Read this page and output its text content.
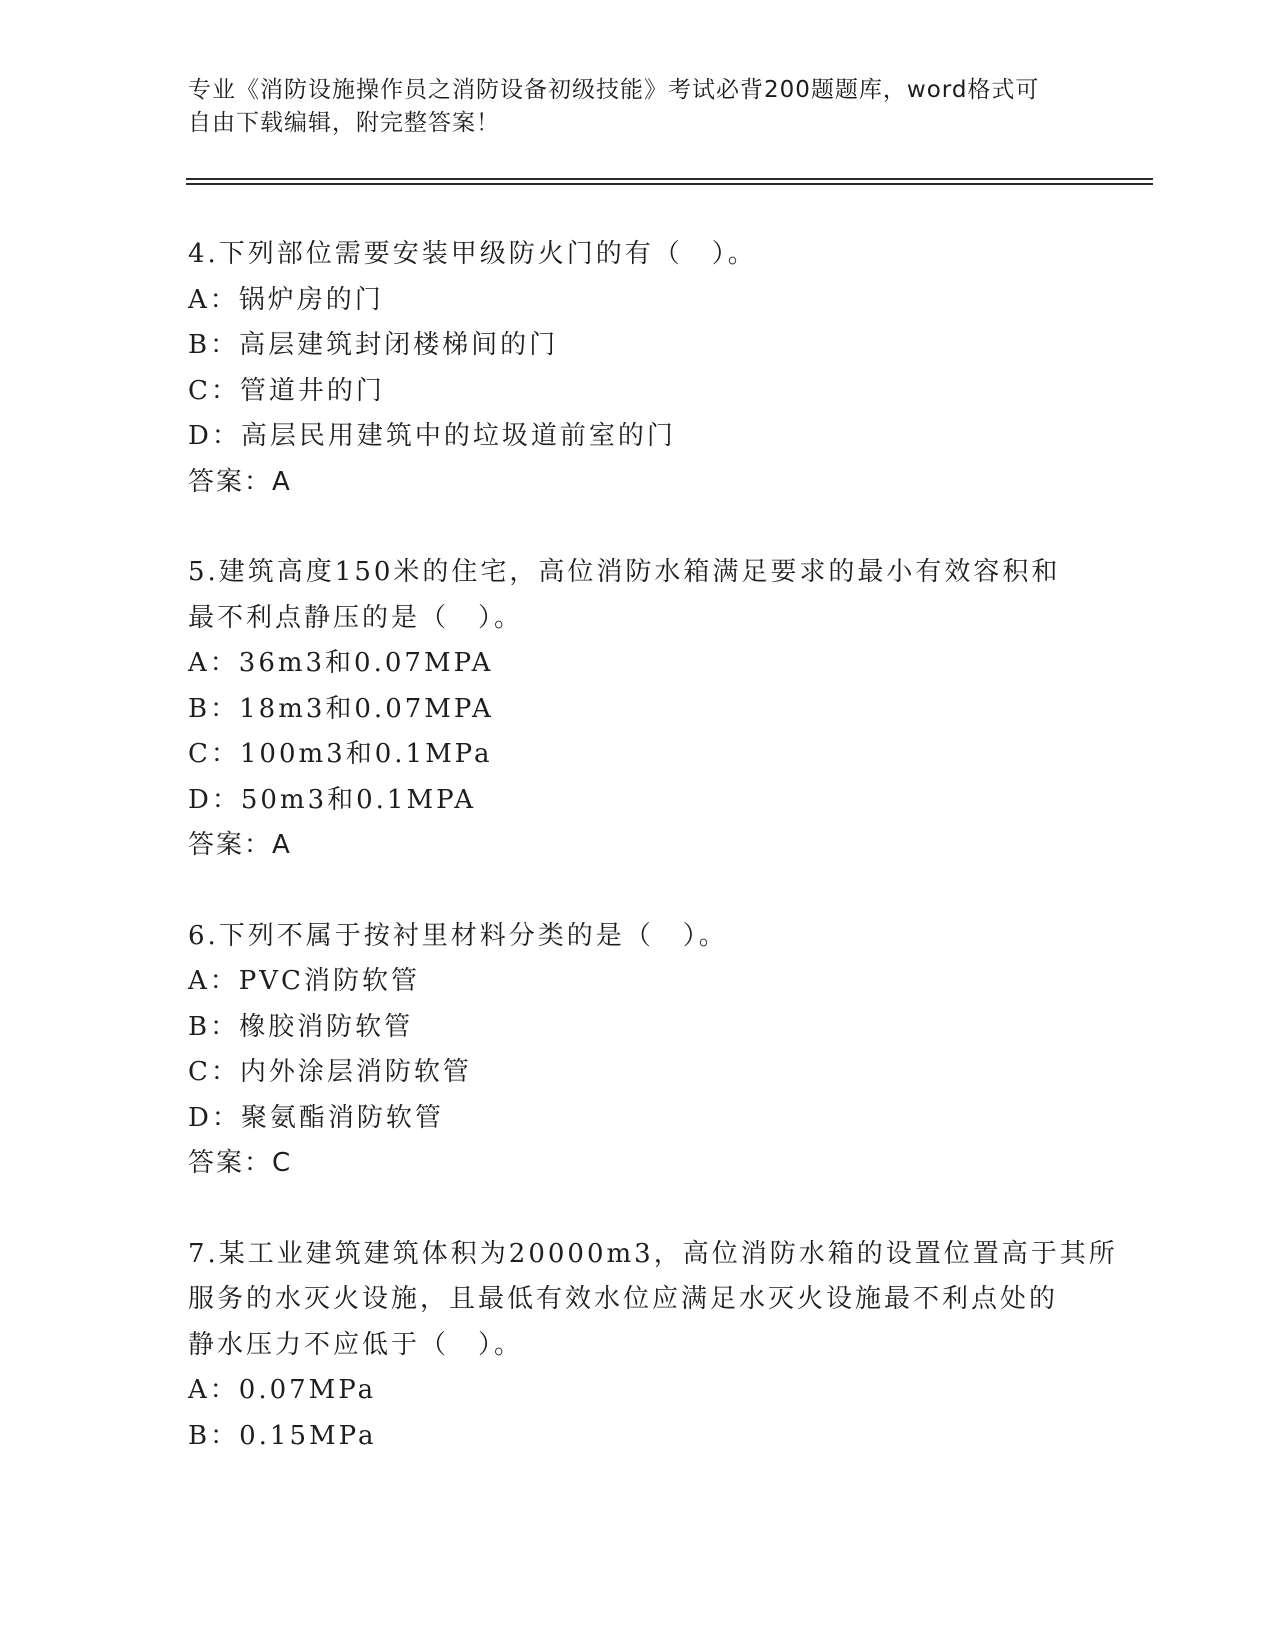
专业《消防设施操作员之消防设备初级技能》考试必背200题题库，word格式可
自由下载编辑，附完整答案！
4.下列部位需要安装甲级防火门的有（　）。
A：锅炉房的门
B：高层建筑封闭楼梯间的门
C：管道井的门
D：高层民用建筑中的垃圾道前室的门
答案：A
5.建筑高度150米的住宅，高位消防水箱满足要求的最小有效容积和
最不利点静压的是（　）。
A：36m3和0.07MPA
B：18m3和0.07MPA
C：100m3和0.1MPa
D：50m3和0.1MPA
答案：A
6.下列不属于按衬里材料分类的是（　）。
A：PVC消防软管
B：橡胶消防软管
C：内外涂层消防软管
D：聚氨酯消防软管
答案：C
7.某工业建筑建筑体积为20000m3，高位消防水箱的设置位置高于其所
服务的水灭火设施，且最低有效水位应满足水灭火设施最不利点处的
静水压力不应低于（　）。
A：0.07MPa
B：0.15MPa
